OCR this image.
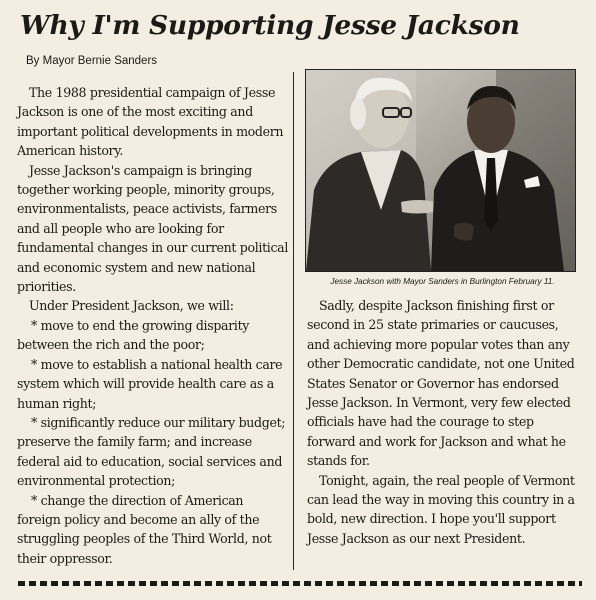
Why I'm Supporting Jesse Jackson
By Mayor Bernie Sanders

The 1988 presidential campaign of Jesse Jackson is one of the most exciting and important political developments in modern American history.

Jesse Jackson's campaign is bringing together working people, minority groups, environmentalists, peace activists, farmers and all people who are looking for fundamental changes in our current political and economic system and new national priorities.

Under President Jackson, we will:

* move to end the growing disparity between the rich and the poor;

* move to establish a national health care system which will provide health care as a human right;

* significantly reduce our military budget; preserve the family farm; and increase federal aid to education, social services and environmental protection;

* change the direction of American foreign policy and become an ally of the struggling peoples of the Third World, not their oppressor.

Jesse Jackson with Mayor Sanders in Burlington February 11.

Sadly, despite Jackson finishing first or second in 25 state primaries or caucuses, and achieving more popular votes than any other Democratic candidate, not one United States Senator or Governor has endorsed Jesse Jackson. In Vermont, very few elected officials have had the courage to step forward and work for Jackson and what he stands for.

Tonight, again, the real people of Vermont can lead the way in moving this country in a bold, new direction. I hope you'll support Jesse Jackson as our next President.
